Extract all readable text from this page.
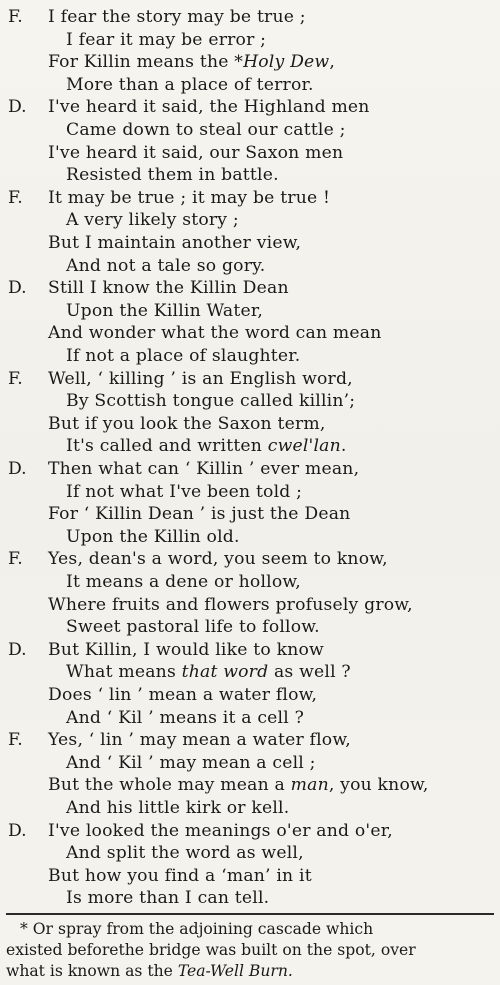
F. I fear the story may be true ;
I fear it may be error ;
For Killin means the *Holy Dew,
More than a place of terror.
D. I've heard it said, the Highland men
Came down to steal our cattle ;
I've heard it said, our Saxon men
Resisted them in battle.
F. It may be true ; it may be true !
A very likely story ;
But I maintain another view,
And not a tale so gory.
D. Still I know the Killin Dean
Upon the Killin Water,
And wonder what the word can mean
If not a place of slaughter.
F. Well, ‘ killing ’ is an English word,
By Scottish tongue called killin’;
But if you look the Saxon term,
It's called and written cwel'lan.
D. Then what can ‘ Killin ’ ever mean,
If not what I've been told ;
For ‘ Killin Dean ’ is just the Dean
Upon the Killin old.
F. Yes, dean's a word, you seem to know,
It means a dene or hollow,
Where fruits and flowers profusely grow,
Sweet pastoral life to follow.
D. But Killin, I would like to know
What means that word as well ?
Does ‘ lin ’ mean a water flow,
And ‘ Kil ’ means it a cell ?
F. Yes, ‘ lin ’ may mean a water flow,
And ‘ Kil ’ may mean a cell ;
But the whole may mean a man, you know,
And his little kirk or kell.
D. I've looked the meanings o'er and o'er,
And split the word as well,
But how you find a ‘man’ in it
Is more than I can tell.
* Or spray from the adjoining cascade which
existed beforethe bridge was built on the spot, over
what is known as the Tea-Well Burn.
